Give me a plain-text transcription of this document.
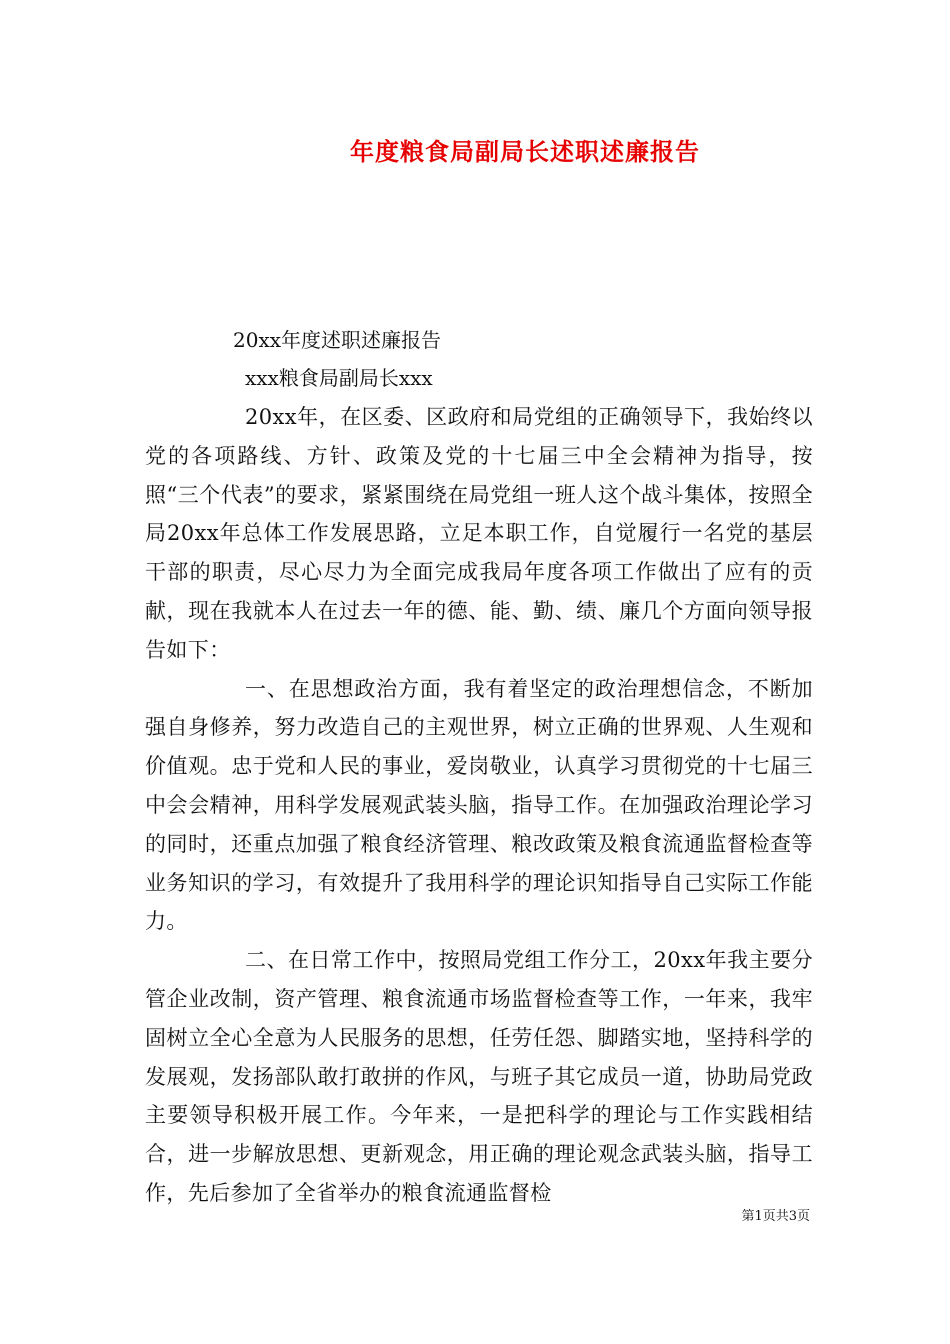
年度粮食局副局长述职述廉报告

20xx年度述职述廉报告

xxx粮食局副局长xxx

20xx年，在区委、区政府和局党组的正确领导下，我始终以党的各项路线、方针、政策及党的十七届三中全会精神为指导，按照“三个代表”的要求，紧紧围绕在局党组一班人这个战斗集体，按照全局20xx年总体工作发展思路，立足本职工作，自觉履行一名党的基层干部的职责，尽心尽力为全面完成我局年度各项工作做出了应有的贡献，现在我就本人在过去一年的德、能、勤、绩、廉几个方面向领导报告如下：

一、在思想政治方面，我有着坚定的政治理想信念，不断加强自身修养，努力改造自己的主观世界，树立正确的世界观、人生观和价值观。忠于党和人民的事业，爱岗敬业，认真学习贯彻党的十七届三中会会精神，用科学发展观武装头脑，指导工作。在加强政治理论学习的同时，还重点加强了粮食经济管理、粮改政策及粮食流通监督检查等业务知识的学习，有效提升了我用科学的理论识知指导自己实际工作能力。

二、在日常工作中，按照局党组工作分工，20xx年我主要分管企业改制，资产管理、粮食流通市场监督检查等工作，一年来，我牢固树立全心全意为人民服务的思想，任劳任怨、脚踏实地，坚持科学的发展观，发扬部队敢打敢拼的作风，与班子其它成员一道，协助局党政主要领导积极开展工作。今年来，一是把科学的理论与工作实践相结合，进一步解放思想、更新观念，用正确的理论观念武装头脑，指导工作，先后参加了全省举办的粮食流通监督检

第1页共3页
